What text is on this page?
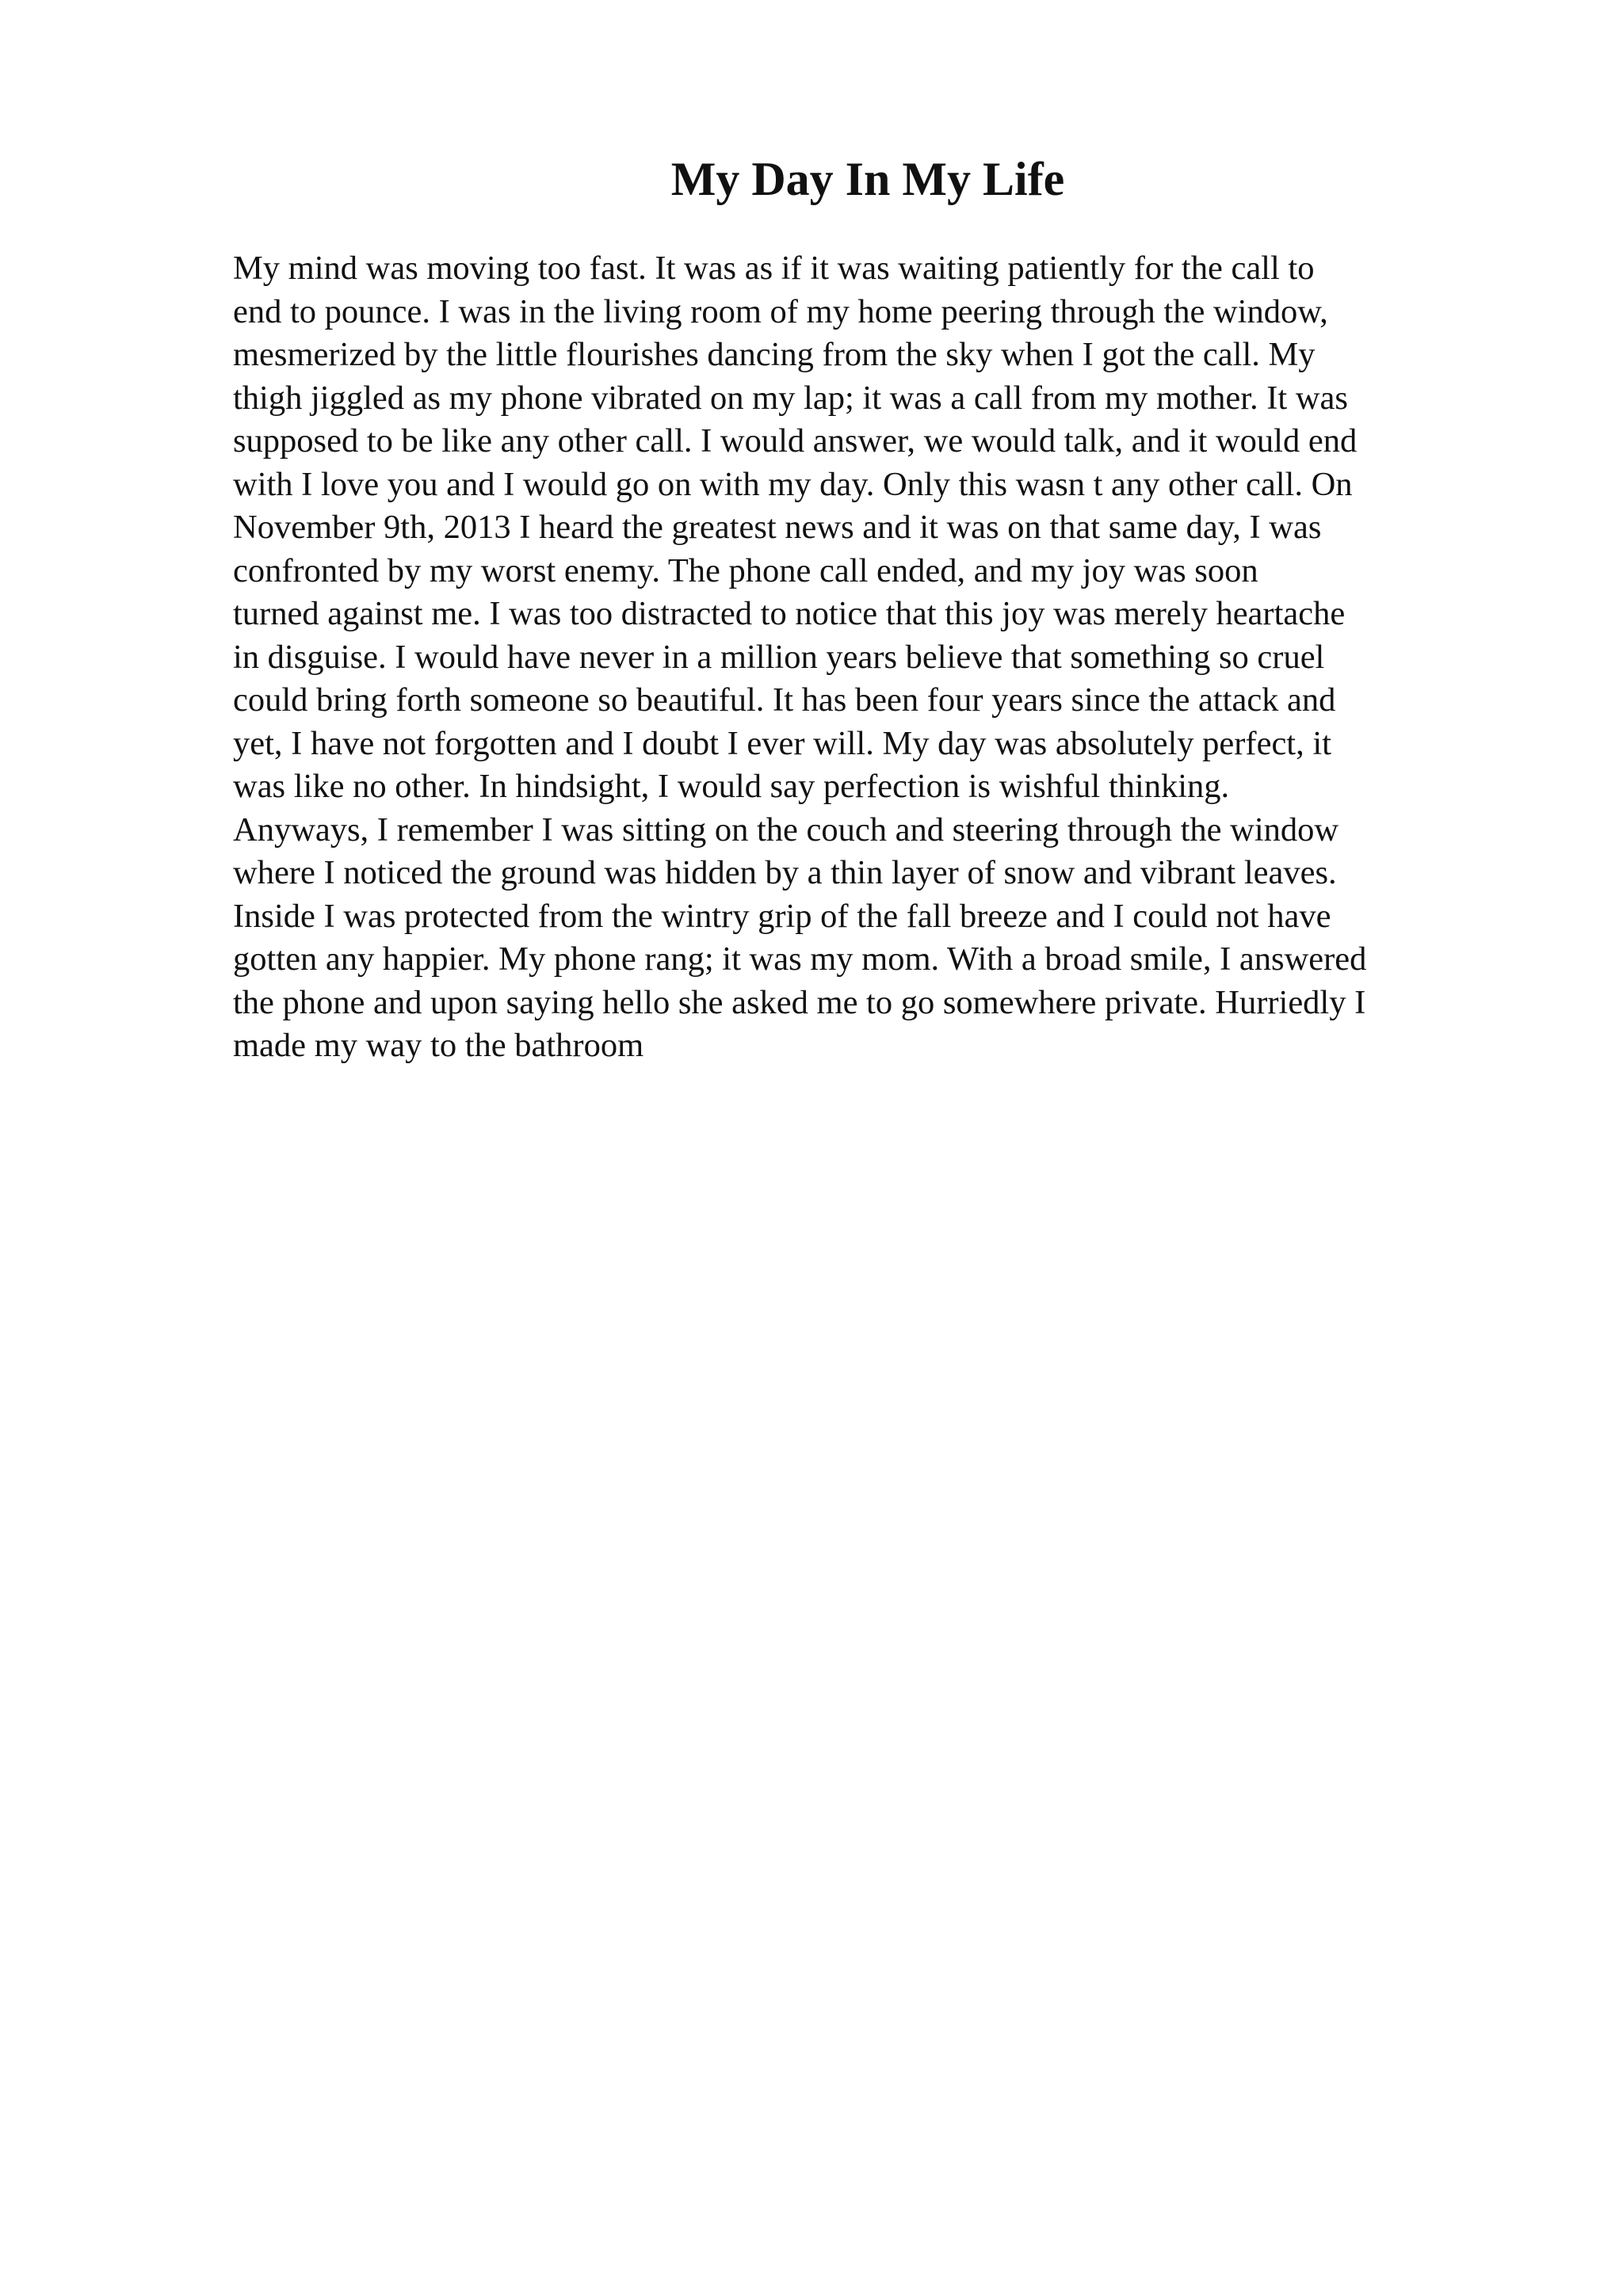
My Day In My Life
My mind was moving too fast. It was as if it was waiting patiently for the call to
end to pounce. I was in the living room of my home peering through the window,
mesmerized by the little flourishes dancing from the sky when I got the call. My
thigh jiggled as my phone vibrated on my lap; it was a call from my mother. It was
supposed to be like any other call. I would answer, we would talk, and it would end
with I love you and I would go on with my day. Only this wasn t any other call. On
November 9th, 2013 I heard the greatest news and it was on that same day, I was
confronted by my worst enemy. The phone call ended, and my joy was soon
turned against me. I was too distracted to notice that this joy was merely heartache
in disguise. I would have never in a million years believe that something so cruel
could bring forth someone so beautiful. It has been four years since the attack and
yet, I have not forgotten and I doubt I ever will. My day was absolutely perfect, it
was like no other. In hindsight, I would say perfection is wishful thinking.
Anyways, I remember I was sitting on the couch and steering through the window
where I noticed the ground was hidden by a thin layer of snow and vibrant leaves.
Inside I was protected from the wintry grip of the fall breeze and I could not have
gotten any happier. My phone rang; it was my mom. With a broad smile, I answered
the phone and upon saying hello she asked me to go somewhere private. Hurriedly I
made my way to the bathroom
